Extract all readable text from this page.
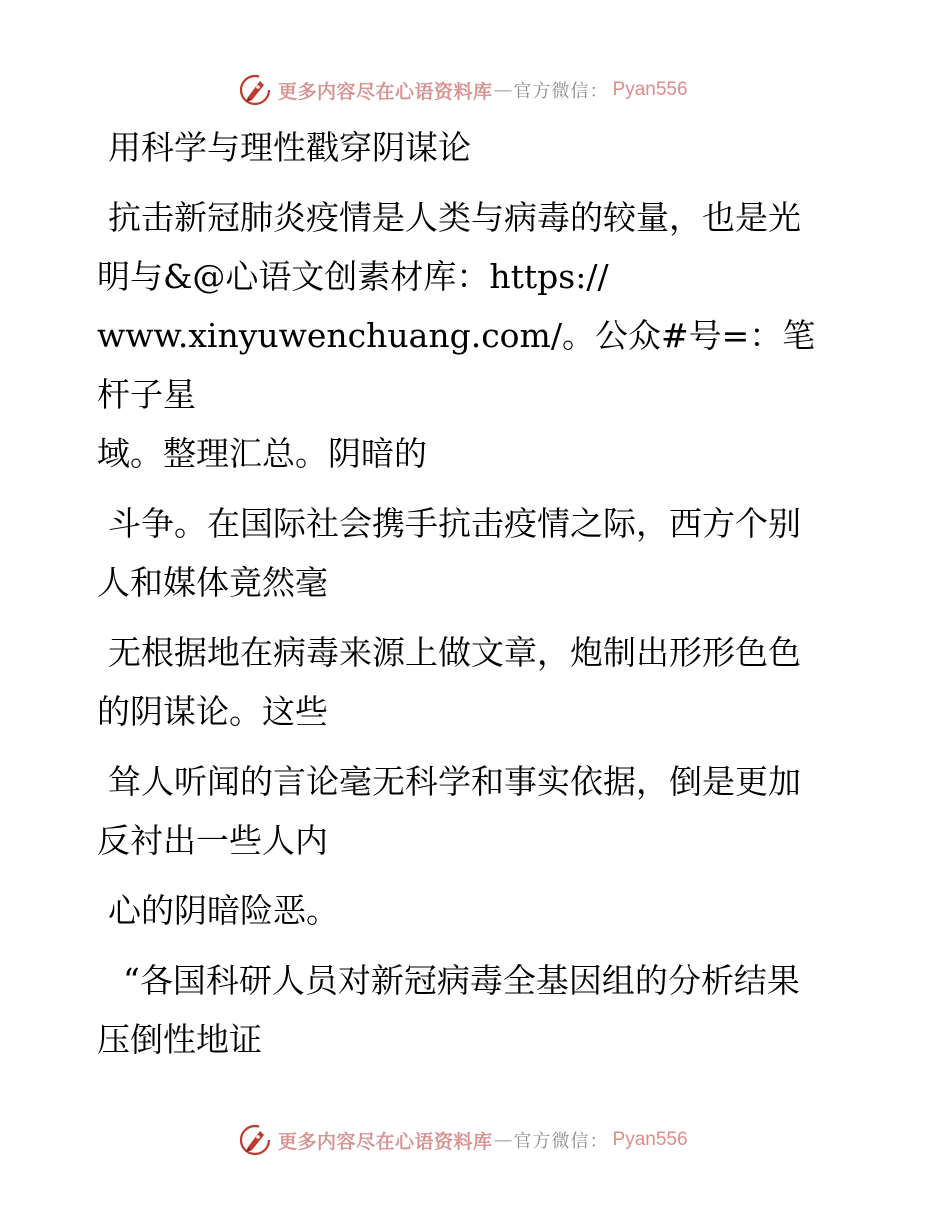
更多内容尽在心语资料库 — 官方微信： Pyan556

用科学与理性戳穿阴谋论

抗击新冠肺炎疫情是人类与病毒的较量，也是光

明与&@心语文创素材库：https://

www.xinyuwenchuang.com/。公众#号=：笔杆子星

域。整理汇总。阴暗的

斗争。在国际社会携手抗击疫情之际，西方个别

人和媒体竟然毫

无根据地在病毒来源上做文章，炮制出形形色色

的阴谋论。这些

耸人听闻的言论毫无科学和事实依据，倒是更加

反衬出一些人内

心的阴暗险恶。

“各国科研人员对新冠病毒全基因组的分析结果

压倒性地证

更多内容尽在心语资料库 — 官方微信： Pyan556
